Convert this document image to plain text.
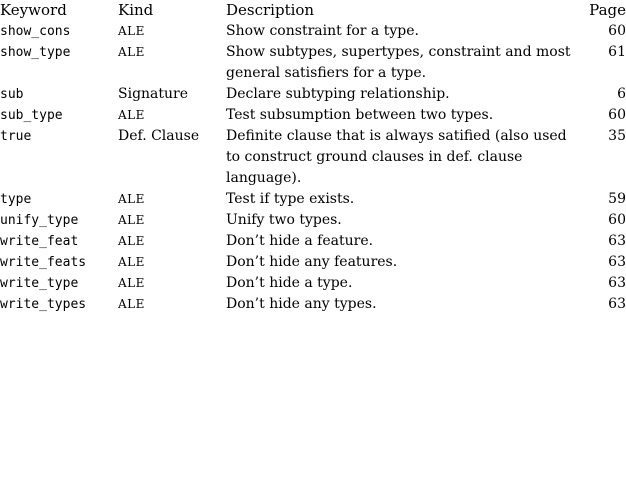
Keyword	Kind	Description	Page
show_cons	ALE	Show constraint for a type.	60
show_type	ALE	Show subtypes, supertypes, constraint and most general satisfiers for a type.	61
sub	Signature	Declare subtyping relationship.	6
sub_type	ALE	Test subsumption between two types.	60
true	Def. Clause	Definite clause that is always satified (also used to construct ground clauses in def. clause language).	35
type	ALE	Test if type exists.	59
unify_type	ALE	Unify two types.	60
write_feat	ALE	Don’t hide a feature.	63
write_feats	ALE	Don’t hide any features.	63
write_type	ALE	Don’t hide a type.	63
write_types	ALE	Don’t hide any types.	63
